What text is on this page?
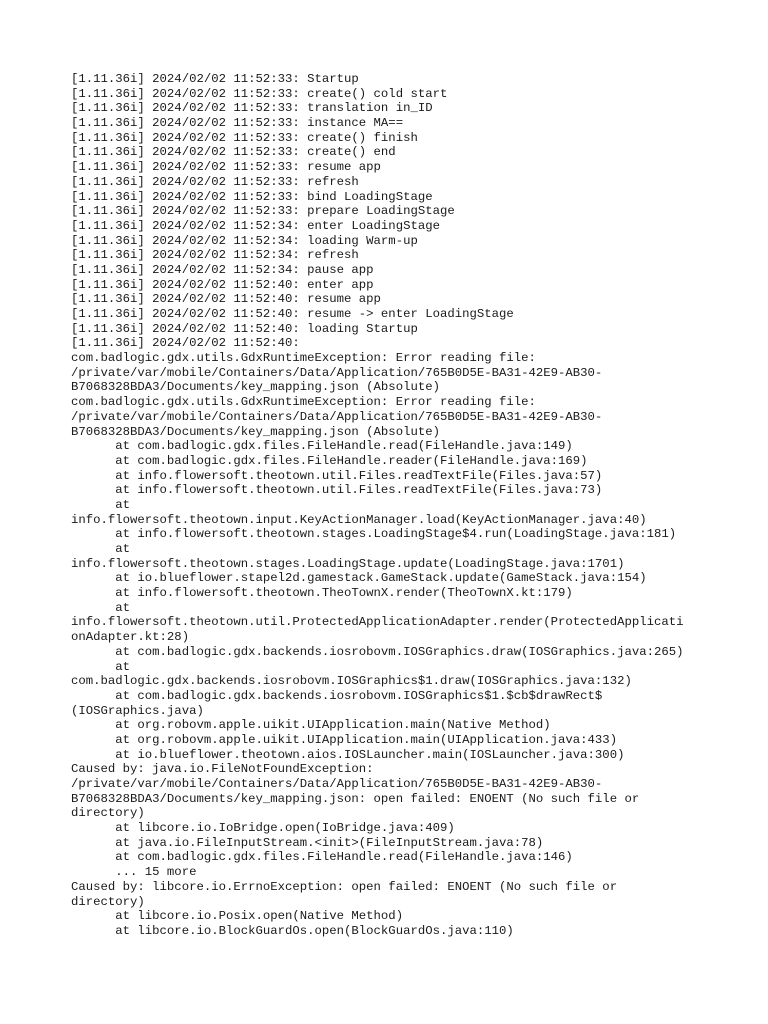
[1.11.36i] 2024/02/02 11:52:33: Startup
[1.11.36i] 2024/02/02 11:52:33: create() cold start
[1.11.36i] 2024/02/02 11:52:33: translation in_ID
[1.11.36i] 2024/02/02 11:52:33: instance MA==
[1.11.36i] 2024/02/02 11:52:33: create() finish
[1.11.36i] 2024/02/02 11:52:33: create() end
[1.11.36i] 2024/02/02 11:52:33: resume app
[1.11.36i] 2024/02/02 11:52:33: refresh
[1.11.36i] 2024/02/02 11:52:33: bind LoadingStage
[1.11.36i] 2024/02/02 11:52:33: prepare LoadingStage
[1.11.36i] 2024/02/02 11:52:34: enter LoadingStage
[1.11.36i] 2024/02/02 11:52:34: loading Warm-up
[1.11.36i] 2024/02/02 11:52:34: refresh
[1.11.36i] 2024/02/02 11:52:34: pause app
[1.11.36i] 2024/02/02 11:52:40: enter app
[1.11.36i] 2024/02/02 11:52:40: resume app
[1.11.36i] 2024/02/02 11:52:40: resume -> enter LoadingStage
[1.11.36i] 2024/02/02 11:52:40: loading Startup
[1.11.36i] 2024/02/02 11:52:40:
com.badlogic.gdx.utils.GdxRuntimeException: Error reading file:
/private/var/mobile/Containers/Data/Application/765B0D5E-BA31-42E9-AB30-
B7068328BDA3/Documents/key_mapping.json (Absolute)
com.badlogic.gdx.utils.GdxRuntimeException: Error reading file:
/private/var/mobile/Containers/Data/Application/765B0D5E-BA31-42E9-AB30-
B7068328BDA3/Documents/key_mapping.json (Absolute)
at com.badlogic.gdx.files.FileHandle.read(FileHandle.java:149)
at com.badlogic.gdx.files.FileHandle.reader(FileHandle.java:169)
at info.flowersoft.theotown.util.Files.readTextFile(Files.java:57)
at info.flowersoft.theotown.util.Files.readTextFile(Files.java:73)
at
info.flowersoft.theotown.input.KeyActionManager.load(KeyActionManager.java:40)
at info.flowersoft.theotown.stages.LoadingStage$4.run(LoadingStage.java:181)
at
info.flowersoft.theotown.stages.LoadingStage.update(LoadingStage.java:1701)
at io.blueflower.stapel2d.gamestack.GameStack.update(GameStack.java:154)
at info.flowersoft.theotown.TheoTownX.render(TheoTownX.kt:179)
at
info.flowersoft.theotown.util.ProtectedApplicationAdapter.render(ProtectedApplicati
onAdapter.kt:28)
at com.badlogic.gdx.backends.iosrobovm.IOSGraphics.draw(IOSGraphics.java:265)
at
com.badlogic.gdx.backends.iosrobovm.IOSGraphics$1.draw(IOSGraphics.java:132)
at com.badlogic.gdx.backends.iosrobovm.IOSGraphics$1.$cb$drawRect$
(IOSGraphics.java)
at org.robovm.apple.uikit.UIApplication.main(Native Method)
at org.robovm.apple.uikit.UIApplication.main(UIApplication.java:433)
at io.blueflower.theotown.aios.IOSLauncher.main(IOSLauncher.java:300)
Caused by: java.io.FileNotFoundException:
/private/var/mobile/Containers/Data/Application/765B0D5E-BA31-42E9-AB30-
B7068328BDA3/Documents/key_mapping.json: open failed: ENOENT (No such file or
directory)
at libcore.io.IoBridge.open(IoBridge.java:409)
at java.io.FileInputStream.<init>(FileInputStream.java:78)
at com.badlogic.gdx.files.FileHandle.read(FileHandle.java:146)
... 15 more
Caused by: libcore.io.ErrnoException: open failed: ENOENT (No such file or
directory)
at libcore.io.Posix.open(Native Method)
at libcore.io.BlockGuardOs.open(BlockGuardOs.java:110)
